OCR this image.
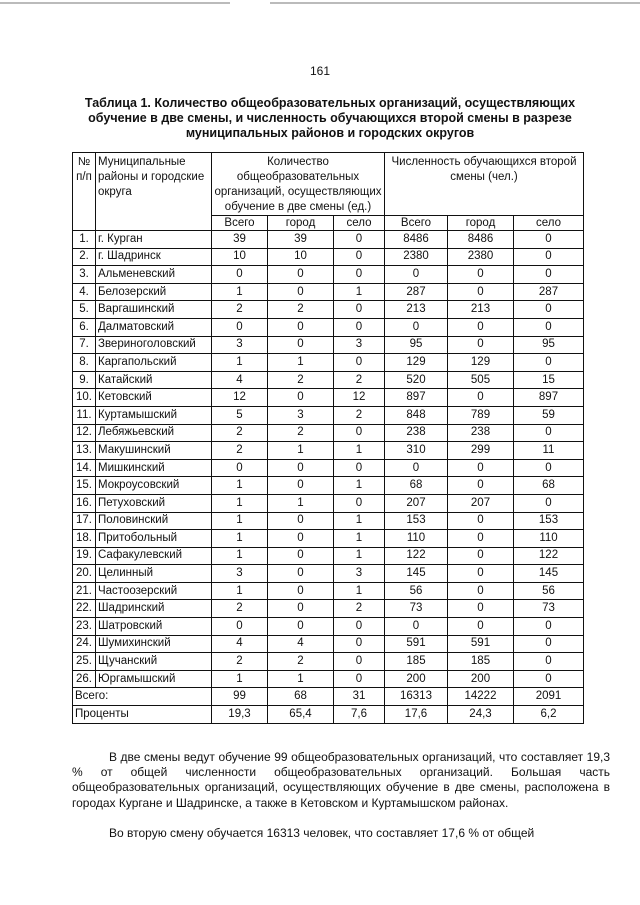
161
Таблица 1. Количество общеобразовательных организаций, осуществляющих обучение в две смены, и численность обучающихся второй смены в разрезе муниципальных районов и городских округов
№ п/п	Муниципальные районы и городские округа	Количество общеобразовательных организаций, осуществляющих обучение в две смены (ед.)			Численность обучающихся второй смены (чел.)		
		Всего	город	село	Всего	город	село
1.	г. Курган	39	39	0	8486	8486	0
2.	г. Шадринск	10	10	0	2380	2380	0
3.	Альменевский	0	0	0	0	0	0
4.	Белозерский	1	0	1	287	0	287
5.	Варгашинский	2	2	0	213	213	0
6.	Далматовский	0	0	0	0	0	0
7.	Звериноголовский	3	0	3	95	0	95
8.	Каргапольский	1	1	0	129	129	0
9.	Катайский	4	2	2	520	505	15
10.	Кетовский	12	0	12	897	0	897
11.	Куртамышский	5	3	2	848	789	59
12.	Лебяжьевский	2	2	0	238	238	0
13.	Макушинский	2	1	1	310	299	11
14.	Мишкинский	0	0	0	0	0	0
15.	Мокроусовский	1	0	1	68	0	68
16.	Петуховский	1	1	0	207	207	0
17.	Половинский	1	0	1	153	0	153
18.	Притобольный	1	0	1	110	0	110
19.	Сафакулевский	1	0	1	122	0	122
20.	Целинный	3	0	3	145	0	145
21.	Частоозерский	1	0	1	56	0	56
22.	Шадринский	2	0	2	73	0	73
23.	Шатровский	0	0	0	0	0	0
24.	Шумихинский	4	4	0	591	591	0
25.	Щучанский	2	2	0	185	185	0
26.	Юргамышский	1	1	0	200	200	0
Всего:		99	68	31	16313	14222	2091
Проценты		19,3	65,4	7,6	17,6	24,3	6,2

В две смены ведут обучение 99 общеобразовательных организаций, что составляет 19,3 % от общей численности общеобразовательных организаций. Большая часть общеобразовательных организаций, осуществляющих обучение в две смены, расположена в городах Кургане и Шадринске, а также в Кетовском и Куртамышском районах.

Во вторую смену обучается 16313 человек, что составляет 17,6 % от общей
